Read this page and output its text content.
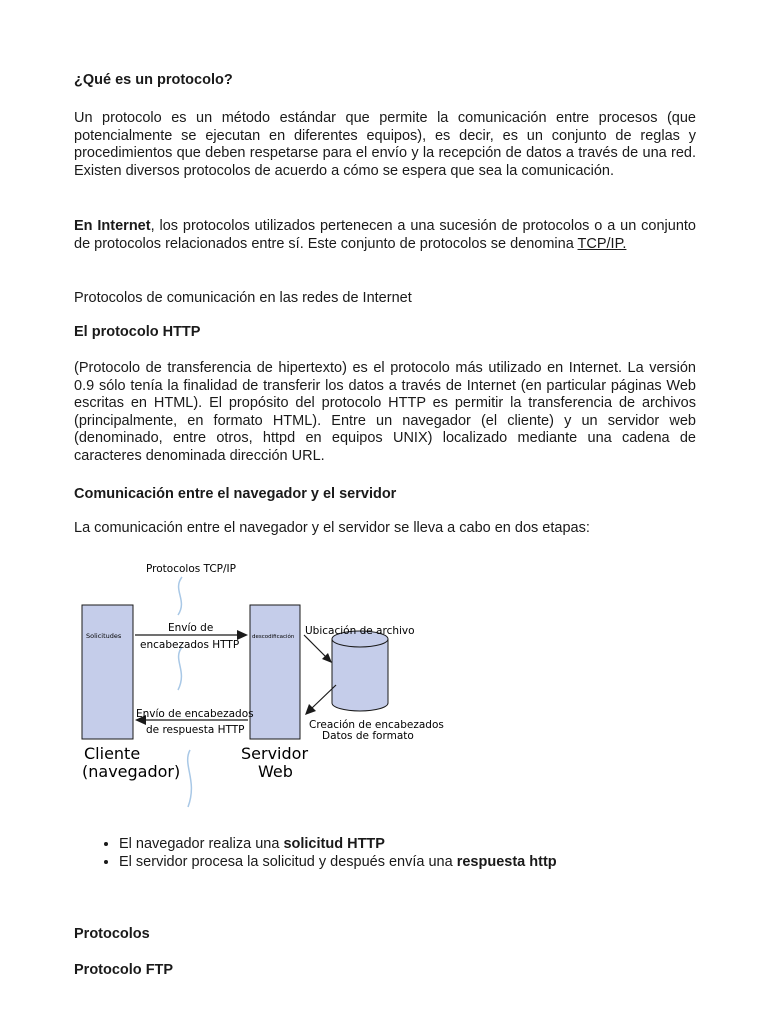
¿Qué es un protocolo?

Un protocolo es un método estándar que permite la comunicación entre procesos (que potencialmente se ejecutan en diferentes equipos), es decir, es un conjunto de reglas y procedimientos que deben respetarse para el envío y la recepción de datos a través de una red. Existen diversos protocolos de acuerdo a cómo se espera que sea la comunicación.

En Internet, los protocolos utilizados pertenecen a una sucesión de protocolos o a un conjunto de protocolos relacionados entre sí. Este conjunto de protocolos se denomina TCP/IP.

Protocolos de comunicación en las redes de Internet

El protocolo HTTP

(Protocolo de transferencia de hipertexto) es el protocolo más utilizado en Internet. La versión 0.9 sólo tenía la finalidad de transferir los datos a través de Internet (en particular páginas Web escritas en HTML). El propósito del protocolo HTTP es permitir la transferencia de archivos (principalmente, en formato HTML). Entre un navegador (el cliente) y un servidor web (denominado, entre otros, httpd en equipos UNIX) localizado mediante una cadena de caracteres denominada dirección URL.

Comunicación entre el navegador y el servidor

La comunicación entre el navegador y el servidor se lleva a cabo en dos etapas:

Protocolos TCP/IP
Solicitudes	descodificación
Envío de
encabezados HTTP
Ubicación de archivo
Envío de encabezados
de respuesta HTTP	Creación de encabezados
Datos de formato
Cliente
(navegador)
Servidor
Web
• El navegador realiza una solicitud HTTP
• El servidor procesa la solicitud y después envía una respuesta http
Protocolos
Protocolo FTP
